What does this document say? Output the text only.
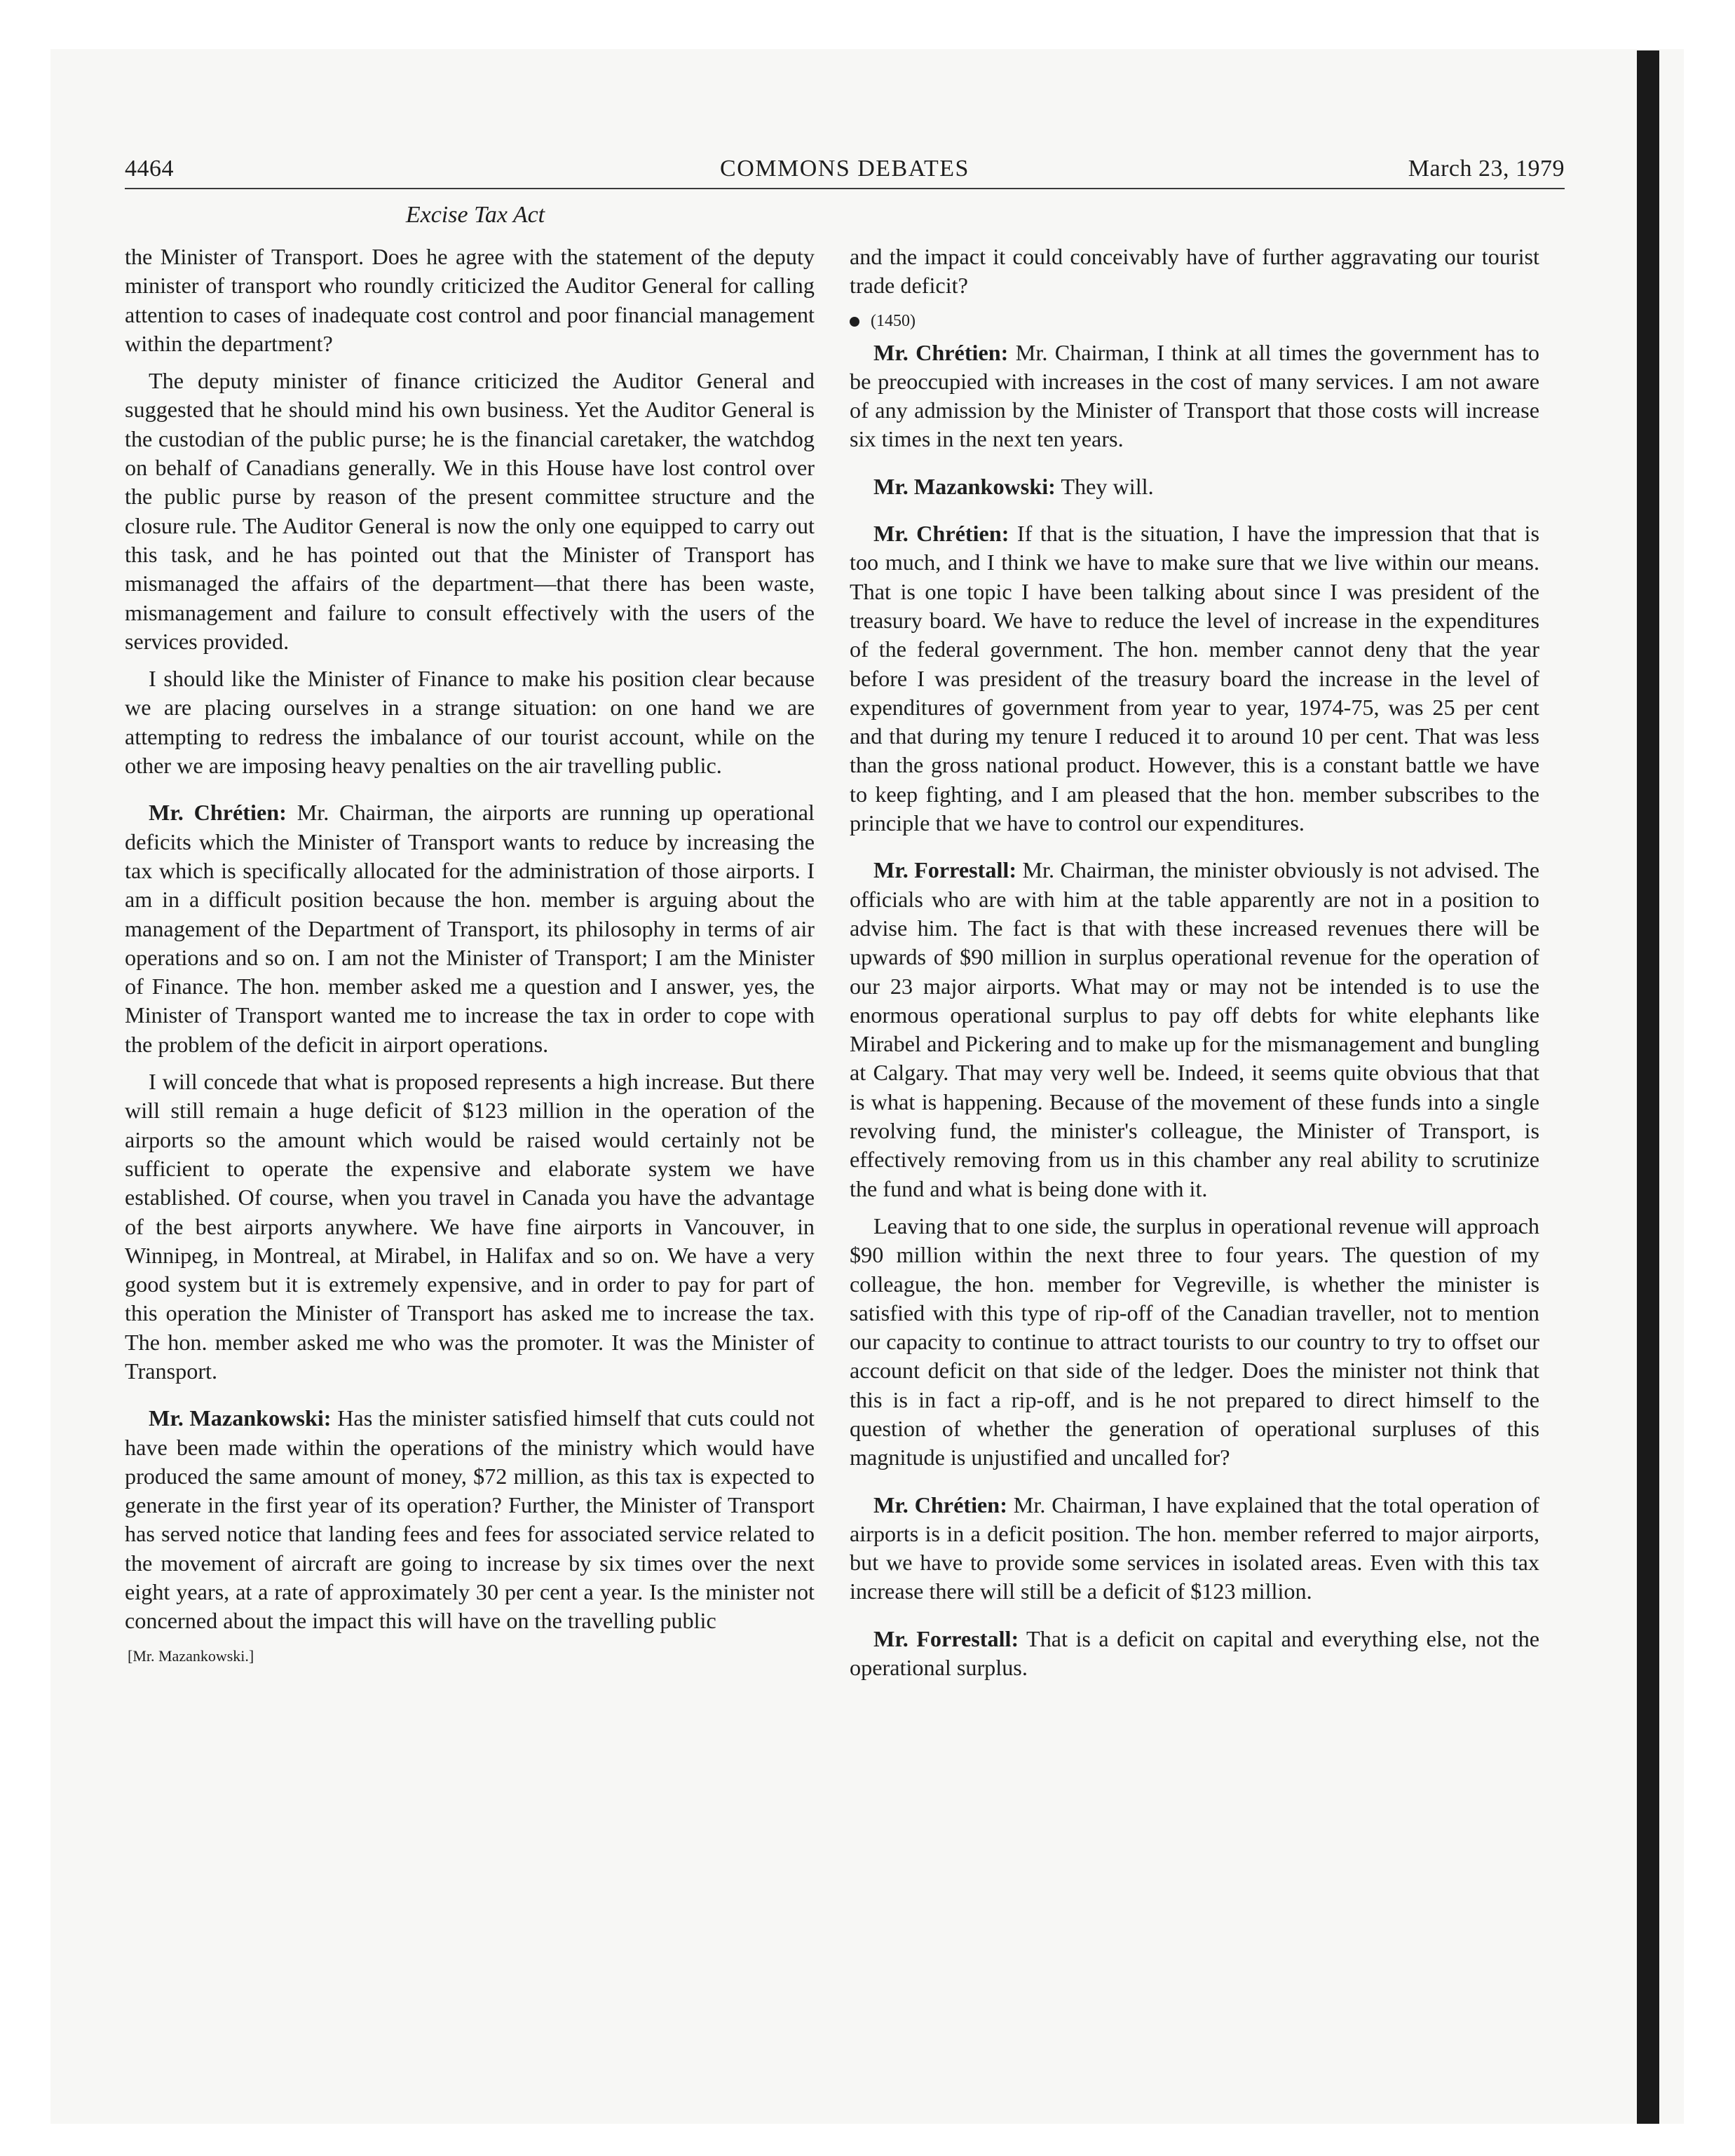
4464	COMMONS DEBATES	March 23, 1979
Excise Tax Act

the Minister of Transport. Does he agree with the statement of the deputy minister of transport who roundly criticized the Auditor General for calling attention to cases of inadequate cost control and poor financial management within the department?

The deputy minister of finance criticized the Auditor General and suggested that he should mind his own business. Yet the Auditor General is the custodian of the public purse; he is the financial caretaker, the watchdog on behalf of Canadians generally. We in this House have lost control over the public purse by reason of the present committee structure and the closure rule. The Auditor General is now the only one equipped to carry out this task, and he has pointed out that the Minister of Transport has mismanaged the affairs of the department—that there has been waste, mismanagement and failure to consult effectively with the users of the services provided.

I should like the Minister of Finance to make his position clear because we are placing ourselves in a strange situation: on one hand we are attempting to redress the imbalance of our tourist account, while on the other we are imposing heavy penalties on the air travelling public.

Mr. Chrétien: Mr. Chairman, the airports are running up operational deficits which the Minister of Transport wants to reduce by increasing the tax which is specifically allocated for the administration of those airports. I am in a difficult position because the hon. member is arguing about the management of the Department of Transport, its philosophy in terms of air operations and so on. I am not the Minister of Transport; I am the Minister of Finance. The hon. member asked me a question and I answer, yes, the Minister of Transport wanted me to increase the tax in order to cope with the problem of the deficit in airport operations.

I will concede that what is proposed represents a high increase. But there will still remain a huge deficit of $123 million in the operation of the airports so the amount which would be raised would certainly not be sufficient to operate the expensive and elaborate system we have established. Of course, when you travel in Canada you have the advantage of the best airports anywhere. We have fine airports in Vancouver, in Winnipeg, in Montreal, at Mirabel, in Halifax and so on. We have a very good system but it is extremely expensive, and in order to pay for part of this operation the Minister of Transport has asked me to increase the tax. The hon. member asked me who was the promoter. It was the Minister of Transport.

Mr. Mazankowski: Has the minister satisfied himself that cuts could not have been made within the operations of the ministry which would have produced the same amount of money, $72 million, as this tax is expected to generate in the first year of its operation? Further, the Minister of Transport has served notice that landing fees and fees for associated service related to the movement of aircraft are going to increase by six times over the next eight years, at a rate of approximately 30 per cent a year. Is the minister not concerned about the impact this will have on the travelling public

[Mr. Mazankowski.]

and the impact it could conceivably have of further aggravating our tourist trade deficit?

(1450)

Mr. Chrétien: Mr. Chairman, I think at all times the government has to be preoccupied with increases in the cost of many services. I am not aware of any admission by the Minister of Transport that those costs will increase six times in the next ten years.

Mr. Mazankowski: They will.

Mr. Chrétien: If that is the situation, I have the impression that that is too much, and I think we have to make sure that we live within our means. That is one topic I have been talking about since I was president of the treasury board. We have to reduce the level of increase in the expenditures of the federal government. The hon. member cannot deny that the year before I was president of the treasury board the increase in the level of expenditures of government from year to year, 1974-75, was 25 per cent and that during my tenure I reduced it to around 10 per cent. That was less than the gross national product. However, this is a constant battle we have to keep fighting, and I am pleased that the hon. member subscribes to the principle that we have to control our expenditures.

Mr. Forrestall: Mr. Chairman, the minister obviously is not advised. The officials who are with him at the table apparently are not in a position to advise him. The fact is that with these increased revenues there will be upwards of $90 million in surplus operational revenue for the operation of our 23 major airports. What may or may not be intended is to use the enormous operational surplus to pay off debts for white elephants like Mirabel and Pickering and to make up for the mismanagement and bungling at Calgary. That may very well be. Indeed, it seems quite obvious that that is what is happening. Because of the movement of these funds into a single revolving fund, the minister's colleague, the Minister of Transport, is effectively removing from us in this chamber any real ability to scrutinize the fund and what is being done with it.

Leaving that to one side, the surplus in operational revenue will approach $90 million within the next three to four years. The question of my colleague, the hon. member for Vegreville, is whether the minister is satisfied with this type of rip-off of the Canadian traveller, not to mention our capacity to continue to attract tourists to our country to try to offset our account deficit on that side of the ledger. Does the minister not think that this is in fact a rip-off, and is he not prepared to direct himself to the question of whether the generation of operational surpluses of this magnitude is unjustified and uncalled for?

Mr. Chrétien: Mr. Chairman, I have explained that the total operation of airports is in a deficit position. The hon. member referred to major airports, but we have to provide some services in isolated areas. Even with this tax increase there will still be a deficit of $123 million.

Mr. Forrestall: That is a deficit on capital and everything else, not the operational surplus.
